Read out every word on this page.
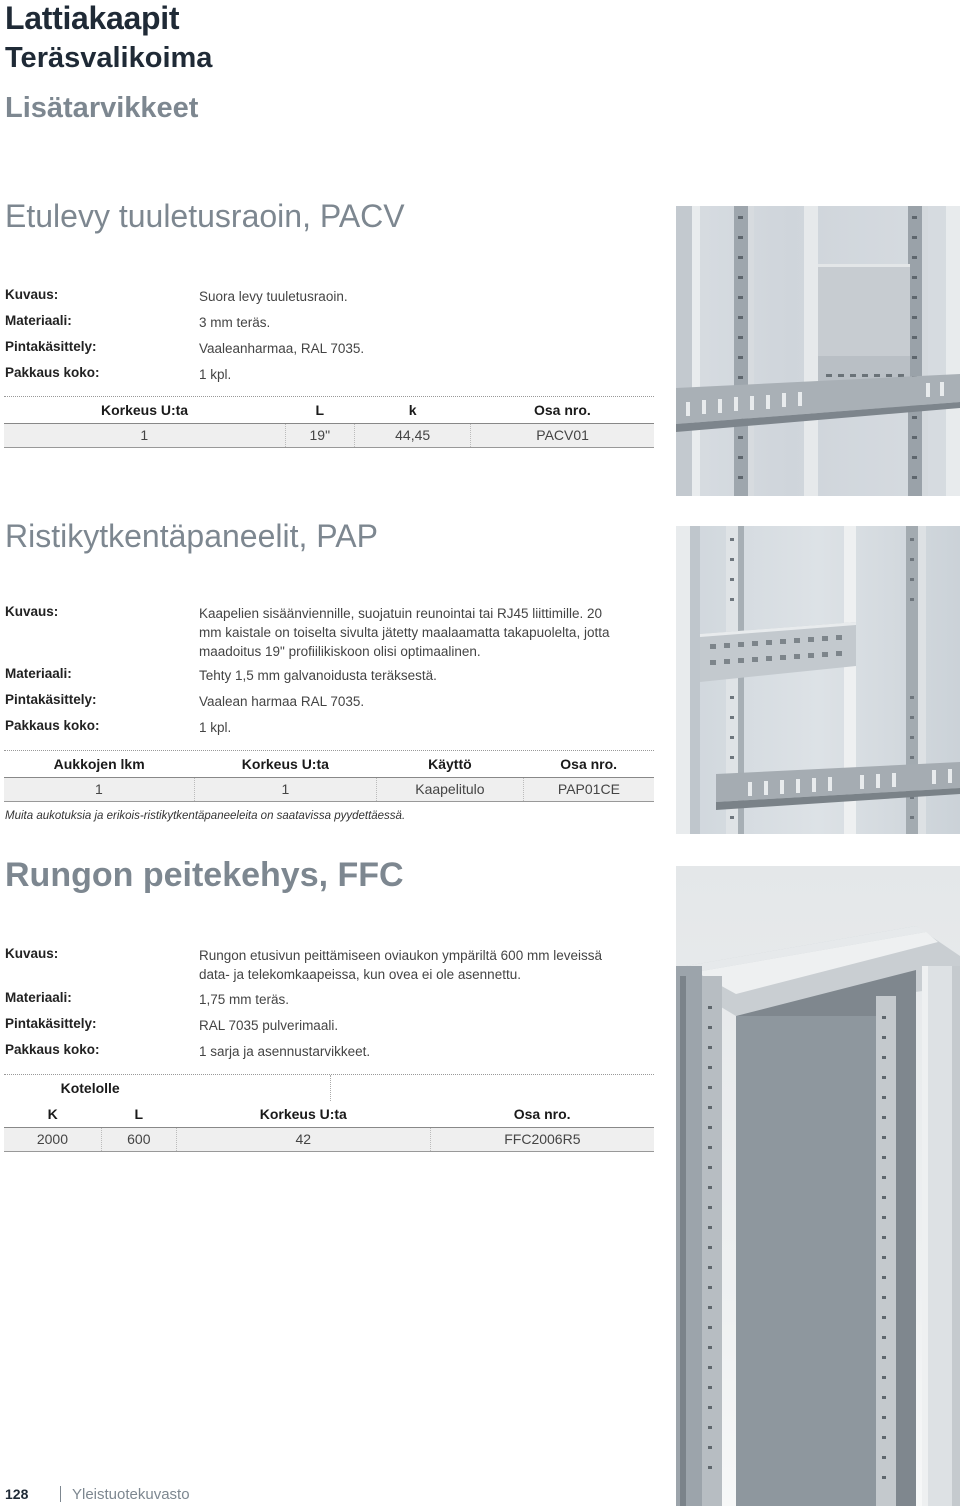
Lattiakaapit
Teräsvalikoima
Lisätarvikkeet
Etulevy tuuletusraoin, PACV
Kuvaus:	Suora levy tuuletusraoin.
Materiaali:	3 mm teräs.
Pintakäsittely:	Vaaleanharmaa, RAL 7035.
Pakkaus koko:	1 kpl.
Korkeus U:ta	L	k	Osa nro.
1	19"	44,45	PACV01
Ristikytkentäpaneelit, PAP
Kuvaus:	Kaapelien sisäänviennille, suojatuin reunointai tai RJ45 liittimille. 20 mm kaistale on toiselta sivulta jätetty maalaamatta takapuolelta, jotta maadoitus 19" profiilikiskoon olisi optimaalinen.
Materiaali:	Tehty 1,5 mm galvanoidusta teräksestä.
Pintakäsittely:	Vaalean harmaa RAL 7035.
Pakkaus koko:	1 kpl.
Aukkojen lkm	Korkeus U:ta	Käyttö	Osa nro.
1	1	Kaapelitulo	PAP01CE
Muita aukotuksia ja erikois-ristikytkentäpaneeleita on saatavissa pyydettäessä.
Rungon peitekehys, FFC
Kuvaus:	Rungon etusivun peittämiseen oviaukon ympäriltä 600 mm leveissä data- ja telekomkaapeissa, kun ovea ei ole asennettu.
Materiaali:	1,75 mm teräs.
Pintakäsittely:	RAL 7035 pulverimaali.
Pakkaus koko:	1 sarja ja asennustarvikkeet.
Kotelolle			
K	L	Korkeus U:ta	Osa nro.
2000	600	42	FFC2006R5
128	Yleistuotekuvasto
